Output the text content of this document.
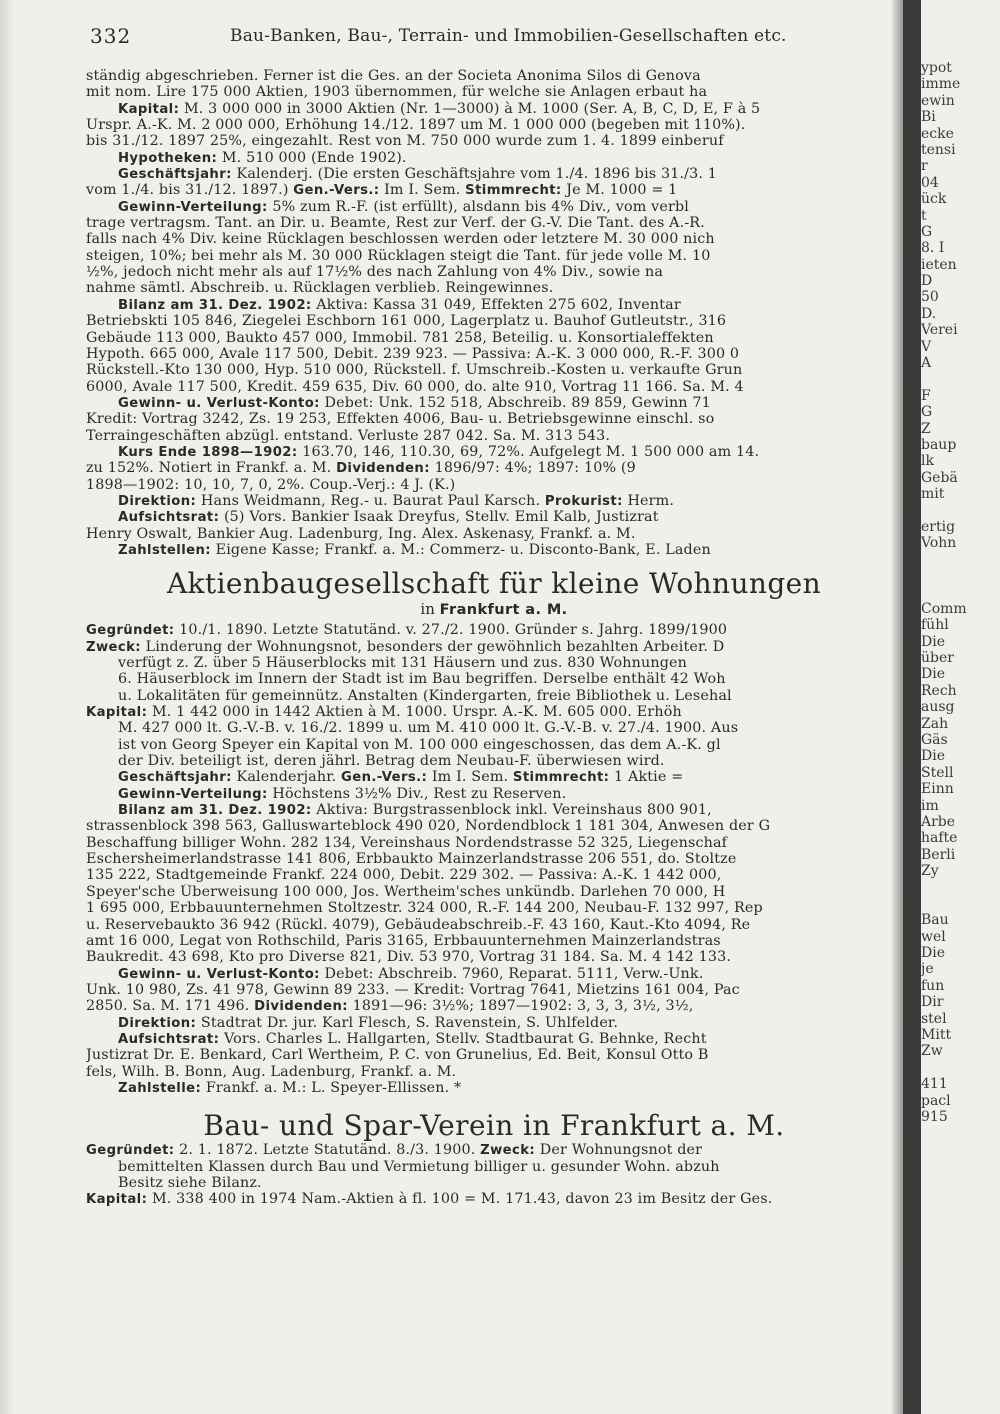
332	Bau-Banken, Bau-, Terrain- und Immobilien-Gesellschaften etc.
ständig abgeschrieben. Ferner ist die Ges. an der Societa Anonima Silos di Genova
mit nom. Lire 175 000 Aktien, 1903 übernommen, für welche sie Anlagen erbaut ha
Kapital: M. 3 000 000 in 3000 Aktien (Nr. 1—3000) à M. 1000 (Ser. A, B, C, D, E, F à 5
Urspr. A.-K. M. 2 000 000, Erhöhung 14./12. 1897 um M. 1 000 000 (begeben mit 110%).
bis 31./12. 1897 25%, eingezahlt. Rest von M. 750 000 wurde zum 1. 4. 1899 einberuf
Hypotheken: M. 510 000 (Ende 1902).
Geschäftsjahr: Kalenderj. (Die ersten Geschäftsjahre vom 1./4. 1896 bis 31./3. 1
vom 1./4. bis 31./12. 1897.) Gen.-Vers.: Im I. Sem. Stimmrecht: Je M. 1000 = 1
Gewinn-Verteilung: 5% zum R.-F. (ist erfüllt), alsdann bis 4% Div., vom verbl
trage vertragsm. Tant. an Dir. u. Beamte, Rest zur Verf. der G.-V. Die Tant. des A.-R.
falls nach 4% Div. keine Rücklagen beschlossen werden oder letztere M. 30 000 nich
steigen, 10%; bei mehr als M. 30 000 Rücklagen steigt die Tant. für jede volle M. 10
½%, jedoch nicht mehr als auf 17½% des nach Zahlung von 4% Div., sowie na
nahme sämtl. Abschreib. u. Rücklagen verblieb. Reingewinnes.
Bilanz am 31. Dez. 1902: Aktiva: Kassa 31 049, Effekten 275 602, Inventar
Betriebskti 105 846, Ziegelei Eschborn 161 000, Lagerplatz u. Bauhof Gutleutstr., 316
Gebäude 113 000, Baukto 457 000, Immobil. 781 258, Beteilig. u. Konsortialeffekten
Hypoth. 665 000, Avale 117 500, Debit. 239 923. — Passiva: A.-K. 3 000 000, R.-F. 300 0
Rückstell.-Kto 130 000, Hyp. 510 000, Rückstell. f. Umschreib.-Kosten u. verkaufte Grun
6000, Avale 117 500, Kredit. 459 635, Div. 60 000, do. alte 910, Vortrag 11 166. Sa. M. 4
Gewinn- u. Verlust-Konto: Debet: Unk. 152 518, Abschreib. 89 859, Gewinn 71
Kredit: Vortrag 3242, Zs. 19 253, Effekten 4006, Bau- u. Betriebsgewinne einschl. so
Terraingeschäften abzügl. entstand. Verluste 287 042. Sa. M. 313 543.
Kurs Ende 1898—1902: 163.70, 146, 110.30, 69, 72%. Aufgelegt M. 1 500 000 am 14.
zu 152%. Notiert in Frankf. a. M. Dividenden: 1896/97: 4%; 1897: 10% (9
1898—1902: 10, 10, 7, 0, 2%. Coup.-Verj.: 4 J. (K.)
Direktion: Hans Weidmann, Reg.- u. Baurat Paul Karsch. Prokurist: Herm.
Aufsichtsrat: (5) Vors. Bankier Isaak Dreyfus, Stellv. Emil Kalb, Justizrat
Henry Oswalt, Bankier Aug. Ladenburg, Ing. Alex. Askenasy, Frankf. a. M.
Zahlstellen: Eigene Kasse; Frankf. a. M.: Commerz- u. Disconto-Bank, E. Laden
Aktienbaugesellschaft für kleine Wohnungen
in Frankfurt a. M.
Gegründet: 10./1. 1890. Letzte Statutänd. v. 27./2. 1900. Gründer s. Jahrg. 1899/1900
Zweck: Linderung der Wohnungsnot, besonders der gewöhnlich bezahlten Arbeiter. D
verfügt z. Z. über 5 Häuserblocks mit 131 Häusern und zus. 830 Wohnungen
6. Häuserblock im Innern der Stadt ist im Bau begriffen. Derselbe enthält 42 Woh
u. Lokalitäten für gemeinnütz. Anstalten (Kindergarten, freie Bibliothek u. Lesehal
Kapital: M. 1 442 000 in 1442 Aktien à M. 1000. Urspr. A.-K. M. 605 000. Erhöh
M. 427 000 lt. G.-V.-B. v. 16./2. 1899 u. um M. 410 000 lt. G.-V.-B. v. 27./4. 1900. Aus
ist von Georg Speyer ein Kapital von M. 100 000 eingeschossen, das dem A.-K. gl
der Div. beteiligt ist, deren jährl. Betrag dem Neubau-F. überwiesen wird.
Geschäftsjahr: Kalenderjahr. Gen.-Vers.: Im I. Sem. Stimmrecht: 1 Aktie =
Gewinn-Verteilung: Höchstens 3½% Div., Rest zu Reserven.
Bilanz am 31. Dez. 1902: Aktiva: Burgstrassenblock inkl. Vereinshaus 800 901,
strassenblock 398 563, Galluswarteblock 490 020, Nordendblock 1 181 304, Anwesen der G
Beschaffung billiger Wohn. 282 134, Vereinshaus Nordendstrasse 52 325, Liegenschaf
Eschersheimerlandstrasse 141 806, Erbbaukto Mainzerlandstrasse 206 551, do. Stoltze
135 222, Stadtgemeinde Frankf. 224 000, Debit. 229 302. — Passiva: A.-K. 1 442 000,
Speyer'sche Überweisung 100 000, Jos. Wertheim'sches unkündb. Darlehen 70 000, H
1 695 000, Erbbauunternehmen Stoltzestr. 324 000, R.-F. 144 200, Neubau-F. 132 997, Rep
u. Reservebaukto 36 942 (Rückl. 4079), Gebäudeabschreib.-F. 43 160, Kaut.-Kto 4094, Re
amt 16 000, Legat von Rothschild, Paris 3165, Erbbauunternehmen Mainzerlandstras
Baukredit. 43 698, Kto pro Diverse 821, Div. 53 970, Vortrag 31 184. Sa. M. 4 142 133.
Gewinn- u. Verlust-Konto: Debet: Abschreib. 7960, Reparat. 5111, Verw.-Unk.
Unk. 10 980, Zs. 41 978, Gewinn 89 233. — Kredit: Vortrag 7641, Mietzins 161 004, Pac
2850. Sa. M. 171 496. Dividenden: 1891—96: 3½%; 1897—1902: 3, 3, 3, 3½, 3½,
Direktion: Stadtrat Dr. jur. Karl Flesch, S. Ravenstein, S. Uhlfelder.
Aufsichtsrat: Vors. Charles L. Hallgarten, Stellv. Stadtbaurat G. Behnke, Recht
Justizrat Dr. E. Benkard, Carl Wertheim, P. C. von Grunelius, Ed. Beit, Konsul Otto B
fels, Wilh. B. Bonn, Aug. Ladenburg, Frankf. a. M.
Zahlstelle: Frankf. a. M.: L. Speyer-Ellissen. *
Bau- und Spar-Verein in Frankfurt a. M.
Gegründet: 2. 1. 1872. Letzte Statutänd. 8./3. 1900. Zweck: Der Wohnungsnot der
bemittelten Klassen durch Bau und Vermietung billiger u. gesunder Wohn. abzuh
Besitz siehe Bilanz.
Kapital: M. 338 400 in 1974 Nam.-Aktien à fl. 100 = M. 171.43, davon 23 im Besitz der Ges.
ypot
imme
ewin
Bi
ecke
tensi
r
04
ück
t
G
8. I
ieten
D
50
D.
Verei
V
A
F
G
Z
baup
lk
Gebä
mit
ertig
Vohn
Comm
fühl
Die
über
Die
Rech
ausg
Zah
Gäs
Die
Stell
Einn
im
Arbe
hafte
Berli
Zy
Bau
wel
Die
je
fun
Dir
stel
Mitt
Zw
411
pacl
915
